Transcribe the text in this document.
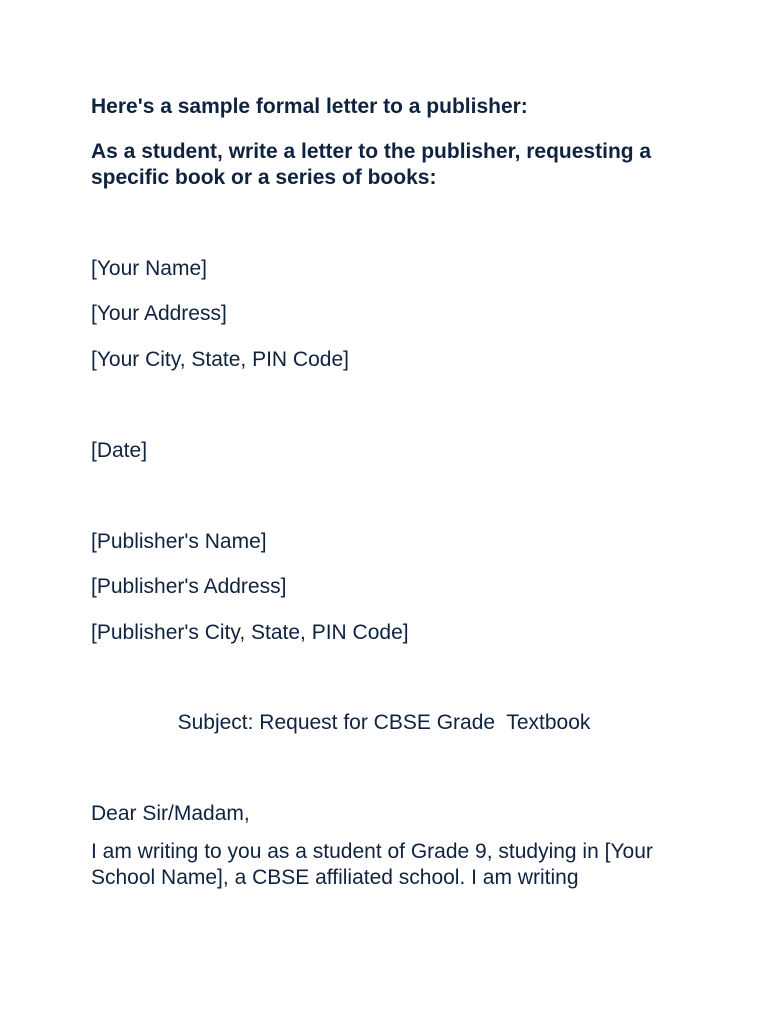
Here's a sample formal letter to a publisher:
As a student, write a letter to the publisher, requesting a specific book or a series of books:
[Your Name]
[Your Address]
[Your City, State, PIN Code]
[Date]
[Publisher's Name]
[Publisher's Address]
[Publisher's City, State, PIN Code]
Subject: Request for CBSE Grade  Textbook
Dear Sir/Madam,
I am writing to you as a student of Grade 9, studying in [Your School Name], a CBSE affiliated school. I am writing
